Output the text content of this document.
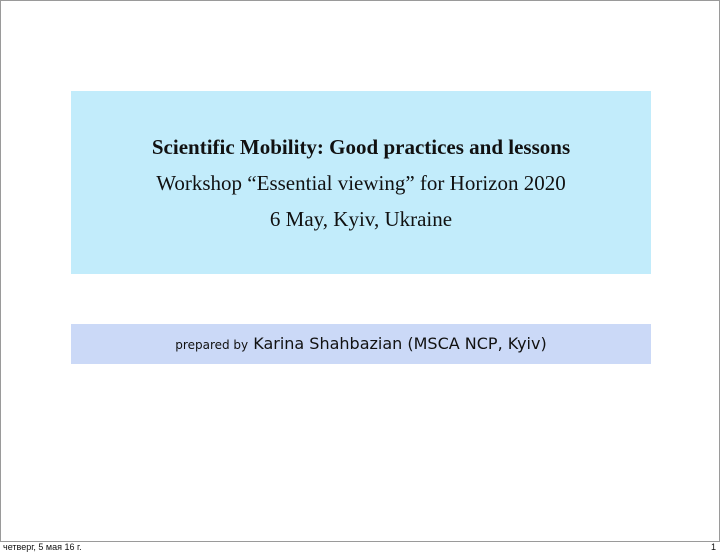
Scientific Mobility: Good practices and lessons
Workshop “Essential viewing” for Horizon 2020
6 May, Kyiv, Ukraine
prepared by Karina Shahbazian (MSCA NCP, Kyiv)
четверг, 5 мая 16 г.	1
